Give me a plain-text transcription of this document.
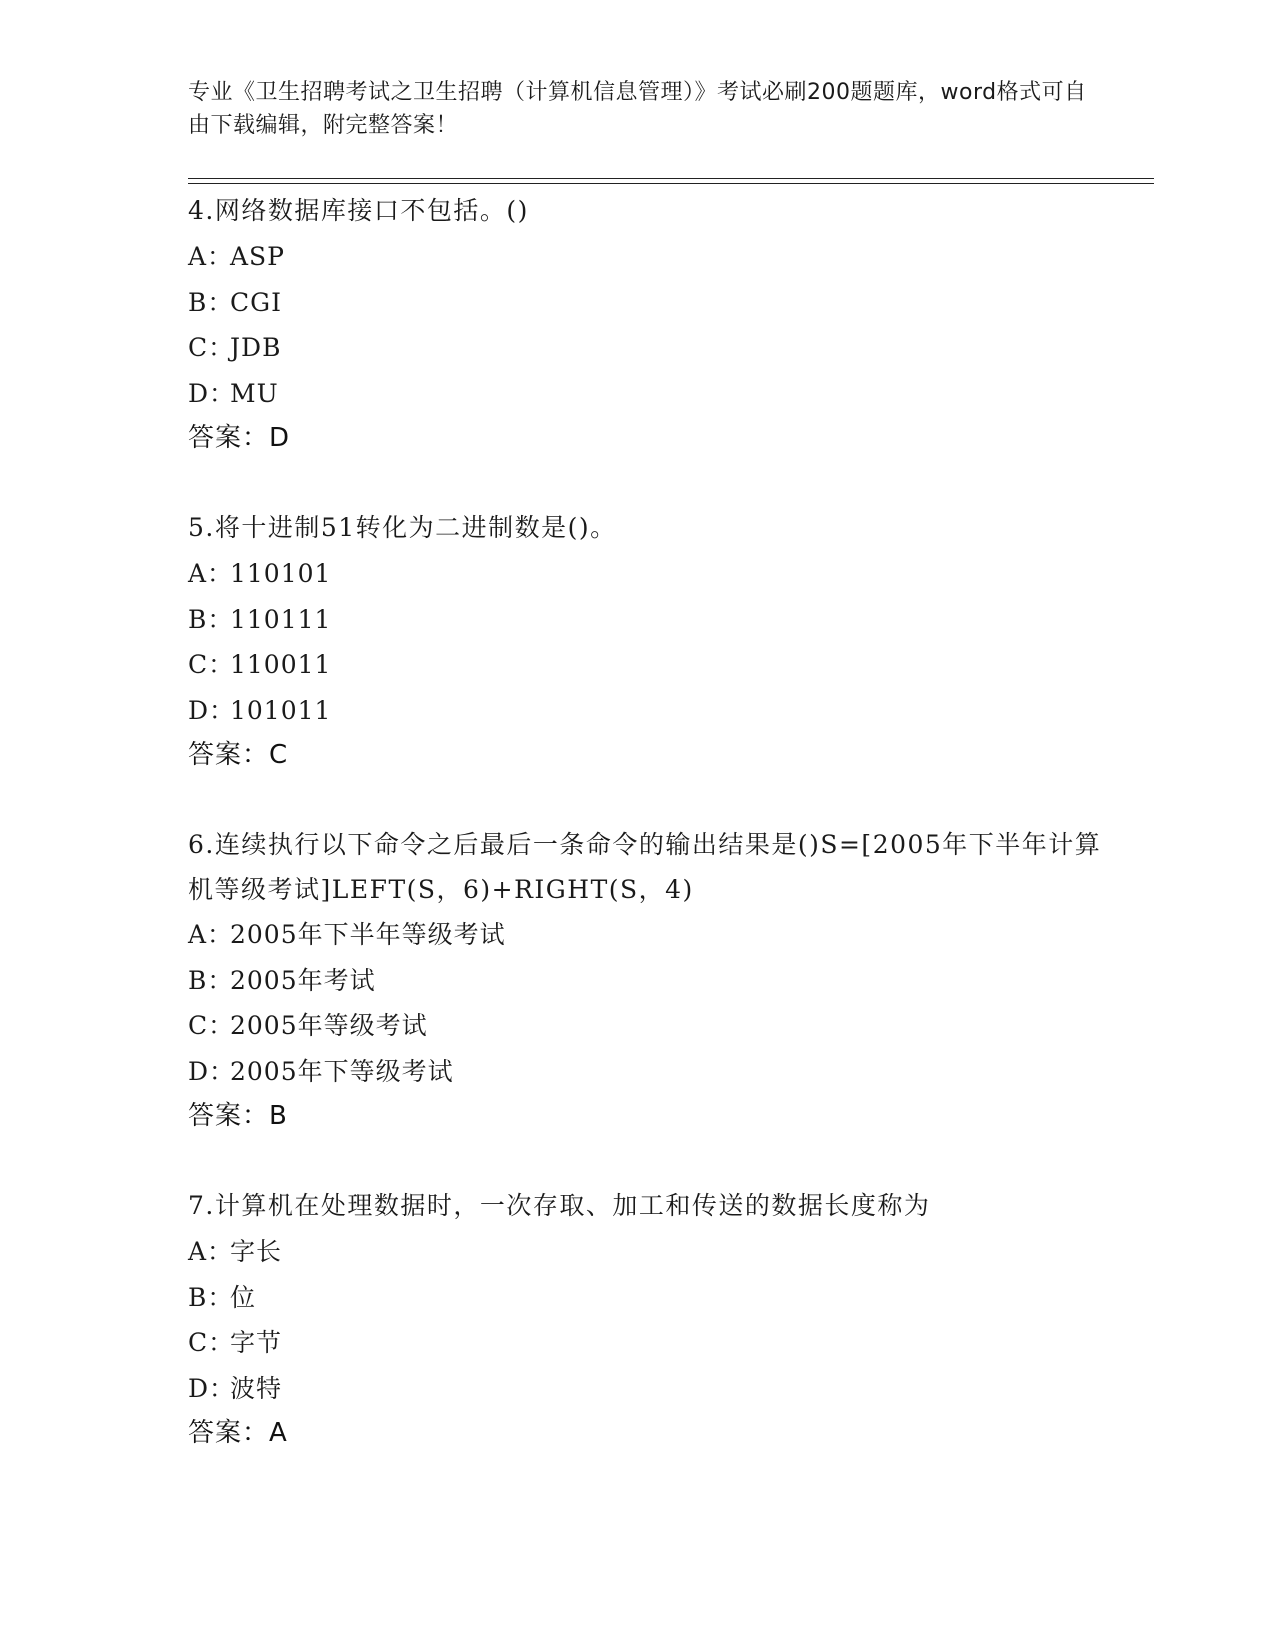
专业《卫生招聘考试之卫生招聘（计算机信息管理）》考试必刷200题题库，word格式可自由下载编辑，附完整答案！
4.网络数据库接口不包括。()
A：ASP
B：CGI
C：JDB
D：MU
答案：D
5.将十进制51转化为二进制数是()。
A：110101
B：110111
C：110011
D：101011
答案：C
6.连续执行以下命令之后最后一条命令的输出结果是()S=[2005年下半年计算机等级考试]LEFT(S，6)+RIGHT(S，4)
A：2005年下半年等级考试
B：2005年考试
C：2005年等级考试
D：2005年下等级考试
答案：B
7.计算机在处理数据时，一次存取、加工和传送的数据长度称为
A：字长
B：位
C：字节
D：波特
答案：A
